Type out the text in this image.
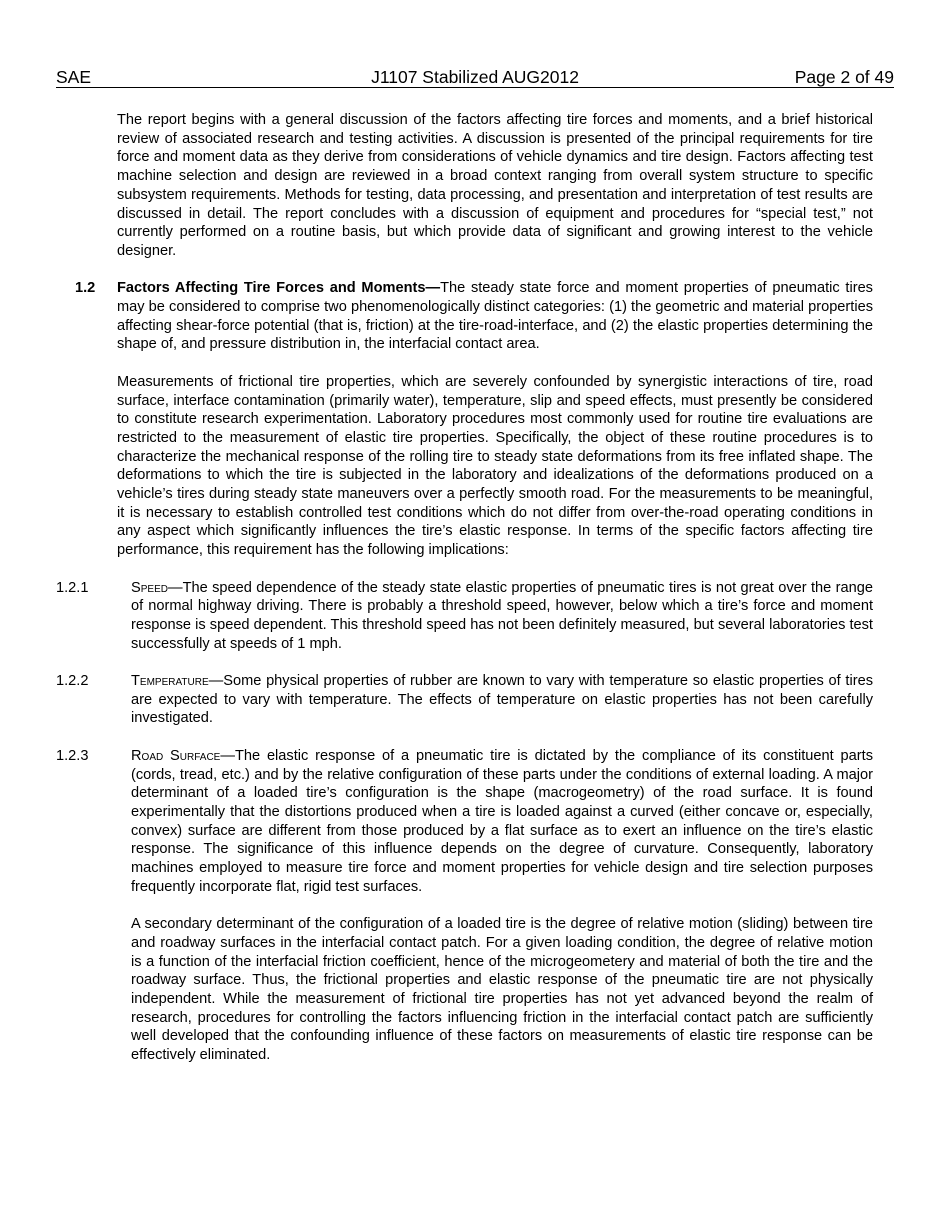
SAE	J1107 Stabilized AUG2012	Page 2 of 49

The report begins with a general discussion of the factors affecting tire forces and moments, and a brief historical review of associated research and testing activities. A discussion is presented of the principal requirements for tire force and moment data as they derive from considerations of vehicle dynamics and tire design. Factors affecting test machine selection and design are reviewed in a broad context ranging from overall system structure to specific subsystem requirements. Methods for testing, data processing, and presentation and interpretation of test results are discussed in detail. The report concludes with a discussion of equipment and procedures for “special test,” not currently performed on a routine basis, but which provide data of significant and growing interest to the vehicle designer.

1.2 Factors Affecting Tire Forces and Moments—The steady state force and moment properties of pneumatic tires may be considered to comprise two phenomenologically distinct categories: (1) the geometric and material properties affecting shear-force potential (that is, friction) at the tire-road-interface, and (2) the elastic properties determining the shape of, and pressure distribution in, the interfacial contact area.

Measurements of frictional tire properties, which are severely confounded by synergistic interactions of tire, road surface, interface contamination (primarily water), temperature, slip and speed effects, must presently be considered to constitute research experimentation. Laboratory procedures most commonly used for routine tire evaluations are restricted to the measurement of elastic tire properties. Specifically, the object of these routine procedures is to characterize the mechanical response of the rolling tire to steady state deformations from its free inflated shape. The deformations to which the tire is subjected in the laboratory and idealizations of the deformations produced on a vehicle’s tires during steady state maneuvers over a perfectly smooth road. For the measurements to be meaningful, it is necessary to establish controlled test conditions which do not differ from over-the-road operating conditions in any aspect which significantly influences the tire’s elastic response. In terms of the specific factors affecting tire performance, this requirement has the following implications:

1.2.1	Speed—The speed dependence of the steady state elastic properties of pneumatic tires is not great over the range of normal highway driving. There is probably a threshold speed, however, below which a tire’s force and moment response is speed dependent. This threshold speed has not been definitely measured, but several laboratories test successfully at speeds of 1 mph.

1.2.2	Temperature—Some physical properties of rubber are known to vary with temperature so elastic properties of tires are expected to vary with temperature. The effects of temperature on elastic properties has not been carefully investigated.

1.2.3	Road Surface—The elastic response of a pneumatic tire is dictated by the compliance of its constituent parts (cords, tread, etc.) and by the relative configuration of these parts under the conditions of external loading. A major determinant of a loaded tire’s configuration is the shape (macrogeometry) of the road surface. It is found experimentally that the distortions produced when a tire is loaded against a curved (either concave or, especially, convex) surface are different from those produced by a flat surface as to exert an influence on the tire’s elastic response. The significance of this influence depends on the degree of curvature. Consequently, laboratory machines employed to measure tire force and moment properties for vehicle design and tire selection purposes frequently incorporate flat, rigid test surfaces.

A secondary determinant of the configuration of a loaded tire is the degree of relative motion (sliding) between tire and roadway surfaces in the interfacial contact patch. For a given loading condition, the degree of relative motion is a function of the interfacial friction coefficient, hence of the microgeometery and material of both the tire and the roadway surface. Thus, the frictional properties and elastic response of the pneumatic tire are not physically independent. While the measurement of frictional tire properties has not yet advanced beyond the realm of research, procedures for controlling the factors influencing friction in the interfacial contact patch are sufficiently well developed that the confounding influence of these factors on measurements of elastic tire response can be effectively eliminated.
